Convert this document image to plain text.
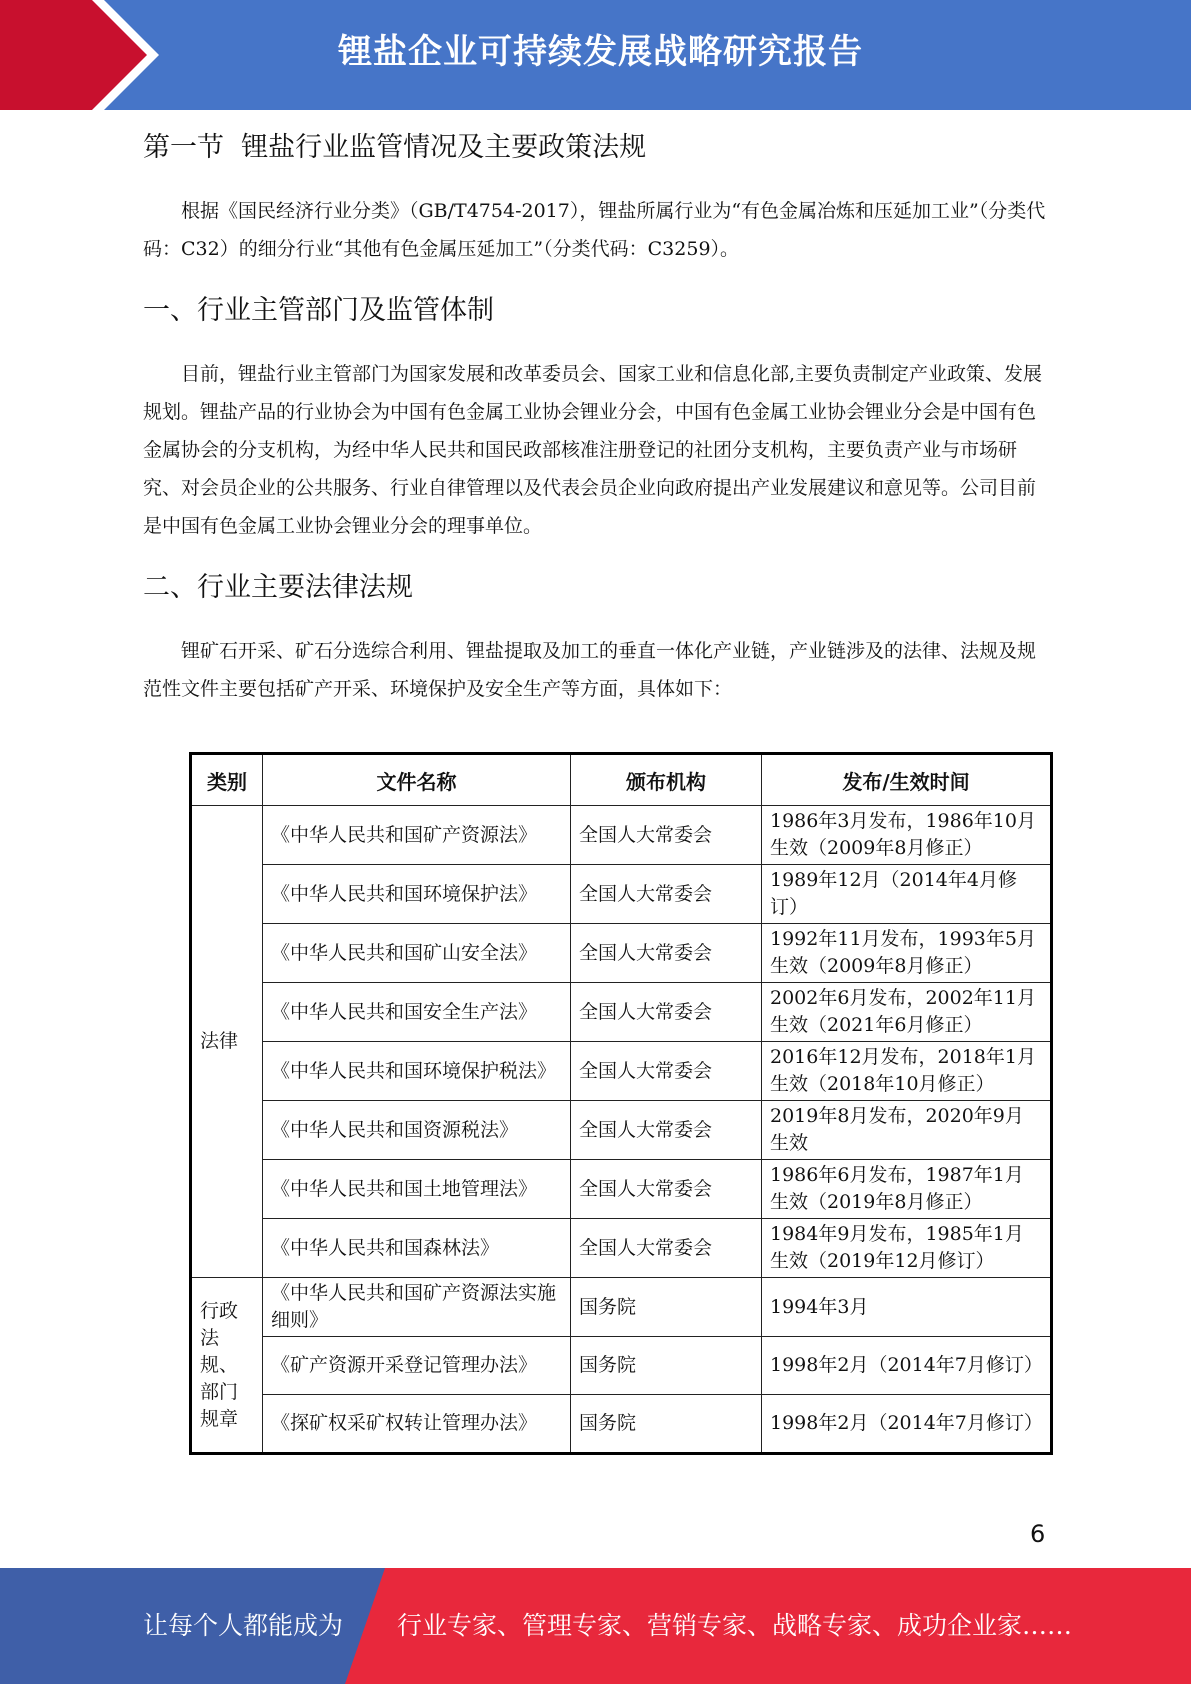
锂盐企业可持续发展战略研究报告
第一节  锂盐行业监管情况及主要政策法规

根据《国民经济行业分类》（GB/T4754-2017），锂盐所属行业为“有色金属冶炼和压延加工业”（分类代码：C32）的细分行业“其他有色金属压延加工”（分类代码：C3259）。

一、行业主管部门及监管体制

目前，锂盐行业主管部门为国家发展和改革委员会、国家工业和信息化部,主要负责制定产业政策、发展规划。锂盐产品的行业协会为中国有色金属工业协会锂业分会，中国有色金属工业协会锂业分会是中国有色金属协会的分支机构，为经中华人民共和国民政部核准注册登记的社团分支机构，主要负责产业与市场研究、对会员企业的公共服务、行业自律管理以及代表会员企业向政府提出产业发展建议和意见等。公司目前是中国有色金属工业协会锂业分会的理事单位。

二、行业主要法律法规

锂矿石开采、矿石分选综合利用、锂盐提取及加工的垂直一体化产业链，产业链涉及的法律、法规及规范性文件主要包括矿产开采、环境保护及安全生产等方面，具体如下：

类别	文件名称	颁布机构	发布/生效时间
法律	《中华人民共和国矿产资源法》	全国人大常委会	1986年3月发布，1986年10月生效（2009年8月修正）
	《中华人民共和国环境保护法》	全国人大常委会	1989年12月（2014年4月修订）
	《中华人民共和国矿山安全法》	全国人大常委会	1992年11月发布，1993年5月生效（2009年8月修正）
	《中华人民共和国安全生产法》	全国人大常委会	2002年6月发布，2002年11月生效（2021年6月修正）
	《中华人民共和国环境保护税法》	全国人大常委会	2016年12月发布，2018年1月生效（2018年10月修正）
	《中华人民共和国资源税法》	全国人大常委会	2019年8月发布，2020年9月生效
	《中华人民共和国土地管理法》	全国人大常委会	1986年6月发布，1987年1月生效（2019年8月修正）
	《中华人民共和国森林法》	全国人大常委会	1984年9月发布，1985年1月生效（2019年12月修订）
行政法规、部门规章	《中华人民共和国矿产资源法实施细则》	国务院	1994年3月
	《矿产资源开采登记管理办法》	国务院	1998年2月（2014年7月修订）
	《探矿权采矿权转让管理办法》	国务院	1998年2月（2014年7月修订）
6
让每个人都能成为 行业专家、管理专家、营销专家、战略专家、成功企业家……
